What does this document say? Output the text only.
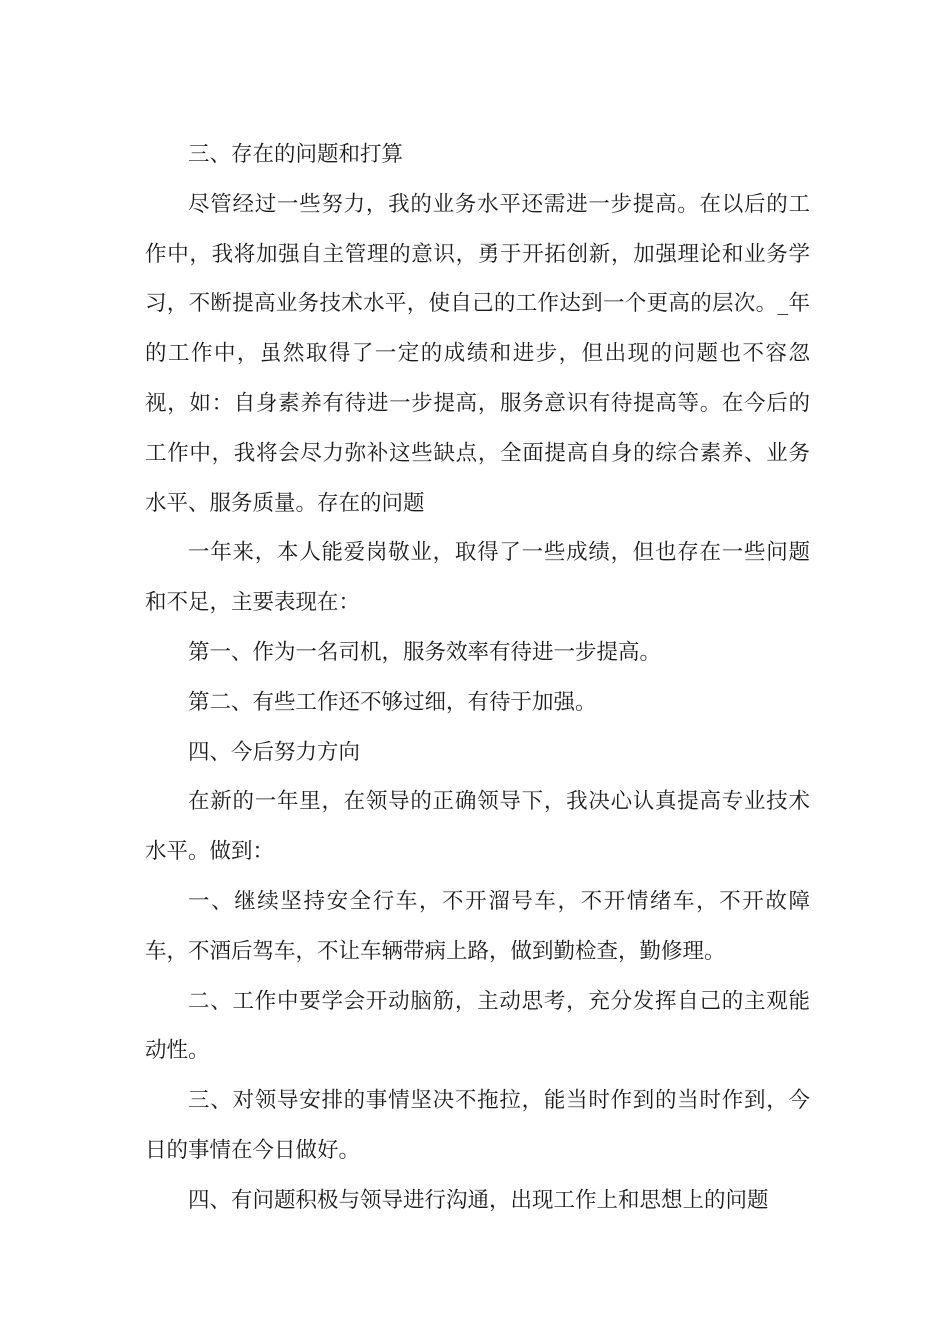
三、存在的问题和打算

尽管经过一些努力，我的业务水平还需进一步提高。在以后的工作中，我将加强自主管理的意识，勇于开拓创新，加强理论和业务学习，不断提高业务技术水平，使自己的工作达到一个更高的层次。_年的工作中，虽然取得了一定的成绩和进步，但出现的问题也不容忽视，如：自身素养有待进一步提高，服务意识有待提高等。在今后的工作中，我将会尽力弥补这些缺点，全面提高自身的综合素养、业务水平、服务质量。存在的问题

一年来，本人能爱岗敬业，取得了一些成绩，但也存在一些问题和不足，主要表现在：

第一、作为一名司机，服务效率有待进一步提高。

第二、有些工作还不够过细，有待于加强。

四、今后努力方向

在新的一年里，在领导的正确领导下，我决心认真提高专业技术水平。做到：

一、继续坚持安全行车，不开溜号车，不开情绪车，不开故障车，不酒后驾车，不让车辆带病上路，做到勤检查，勤修理。

二、工作中要学会开动脑筋，主动思考，充分发挥自己的主观能动性。

三、对领导安排的事情坚决不拖拉，能当时作到的当时作到，今日的事情在今日做好。

四、有问题积极与领导进行沟通，出现工作上和思想上的问题
